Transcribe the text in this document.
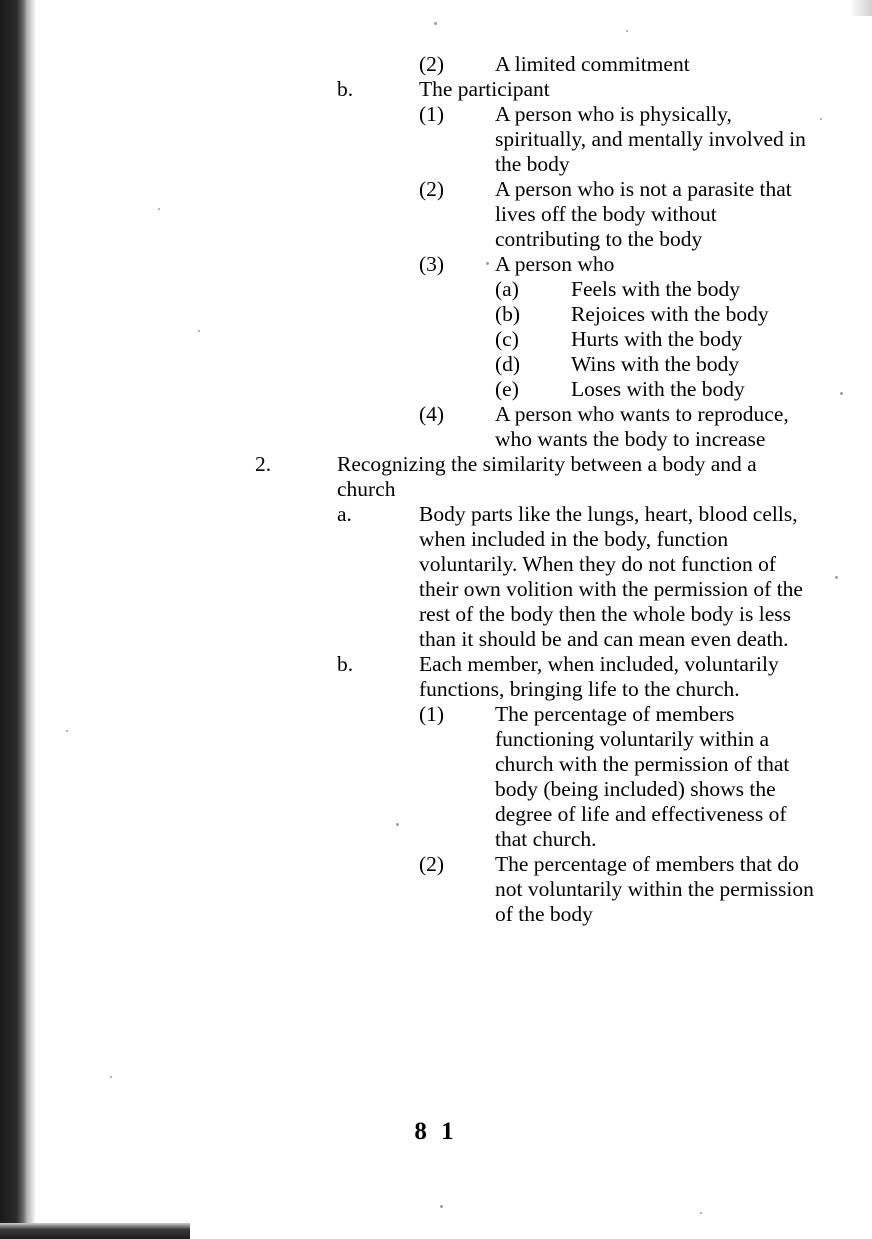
(2)	A limited commitment
b.	The participant
(1)	A person who is physically, spiritually, and mentally involved in the body
(2)	A person who is not a parasite that lives off the body without contributing to the body
(3)	A person who
(a)	Feels with the body
(b)	Rejoices with the body
(c)	Hurts with the body
(d)	Wins with the body
(e)	Loses with the body
(4)	A person who wants to reproduce, who wants the body to increase
2.	Recognizing the similarity between a body and a church
a.	Body parts like the lungs, heart, blood cells, when included in the body, function voluntarily. When they do not function of their own volition with the permission of the rest of the body then the whole body is less than it should be and can mean even death.
b.	Each member, when included, voluntarily functions, bringing life to the church.
(1)	The percentage of members functioning voluntarily within a church with the permission of that body (being included) shows the degree of life and effectiveness of that church.
(2)	The percentage of members that do not voluntarily within the permission of the body
8 1
